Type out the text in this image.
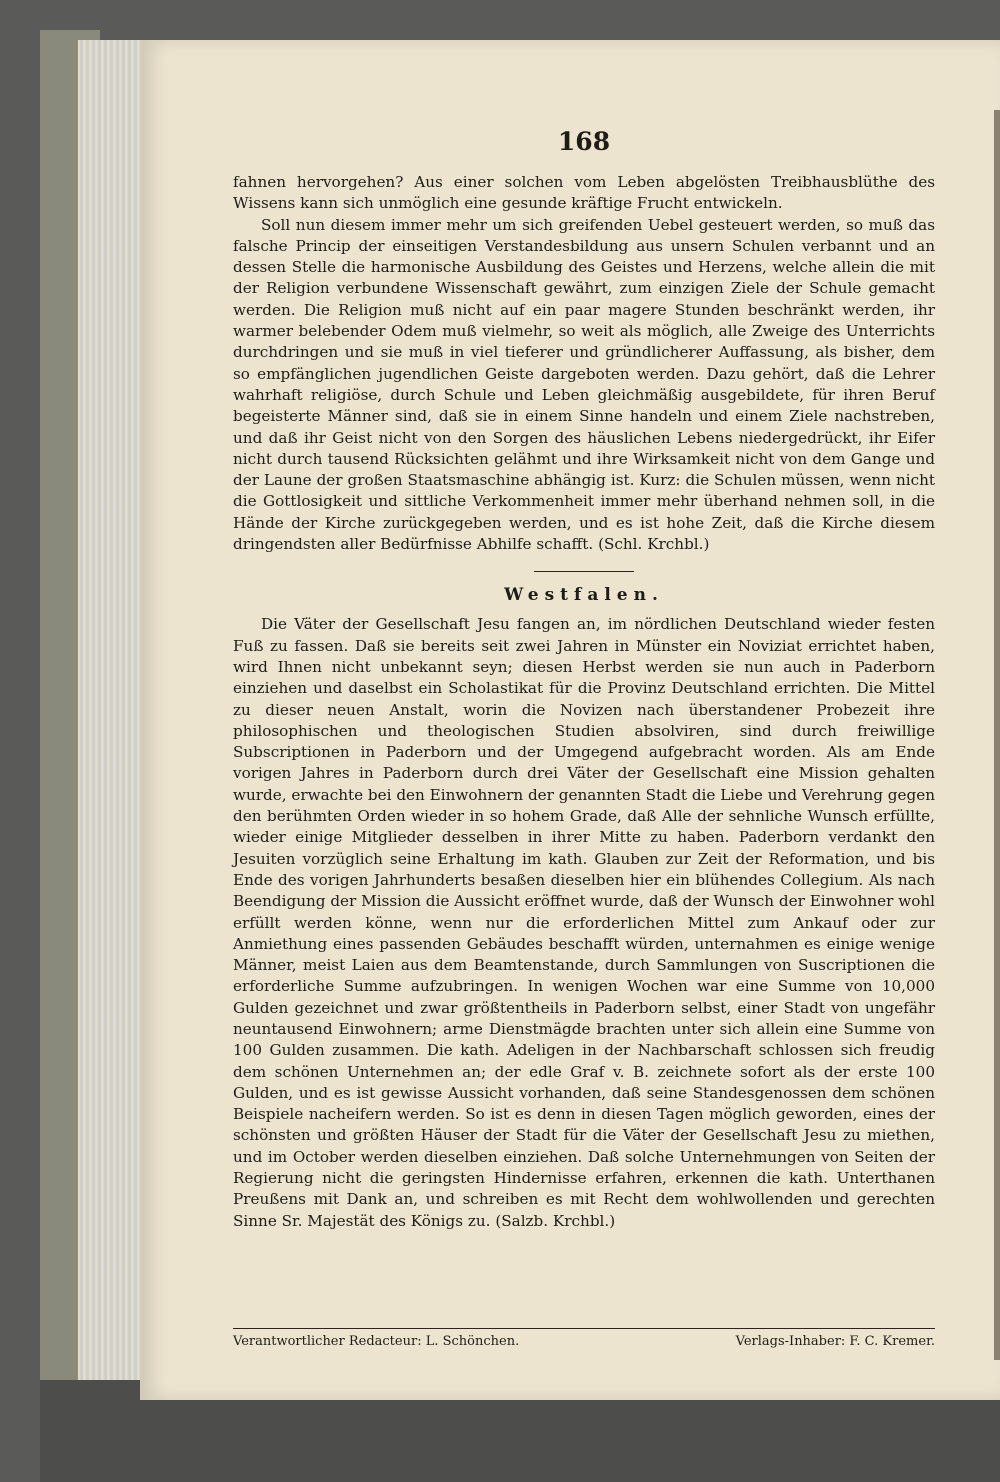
168

fahnen hervorgehen? Aus einer solchen vom Leben abgelösten Treibhausblüthe des Wissens kann sich unmöglich eine gesunde kräftige Frucht entwickeln.

Soll nun diesem immer mehr um sich greifenden Uebel gesteuert werden, so muß das falsche Princip der einseitigen Verstandesbildung aus unsern Schulen verbannt und an dessen Stelle die harmonische Ausbildung des Geistes und Herzens, welche allein die mit der Religion verbundene Wissenschaft gewährt, zum einzigen Ziele der Schule gemacht werden. Die Religion muß nicht auf ein paar magere Stunden beschränkt werden, ihr warmer belebender Odem muß vielmehr, so weit als möglich, alle Zweige des Unterrichts durchdringen und sie muß in viel tieferer und gründlicherer Auffassung, als bisher, dem so empfänglichen jugendlichen Geiste dargeboten werden. Dazu gehört, daß die Lehrer wahrhaft religiöse, durch Schule und Leben gleichmäßig ausgebildete, für ihren Beruf begeisterte Männer sind, daß sie in einem Sinne handeln und einem Ziele nachstreben, und daß ihr Geist nicht von den Sorgen des häuslichen Lebens niedergedrückt, ihr Eifer nicht durch tausend Rücksichten gelähmt und ihre Wirksamkeit nicht von dem Gange und der Laune der großen Staatsmaschine abhängig ist. Kurz: die Schulen müssen, wenn nicht die Gottlosigkeit und sittliche Verkommenheit immer mehr überhand nehmen soll, in die Hände der Kirche zurückgegeben werden, und es ist hohe Zeit, daß die Kirche diesem dringendsten aller Bedürfnisse Abhilfe schafft. (Schl. Krchbl.)

Westfalen.

Die Väter der Gesellschaft Jesu fangen an, im nördlichen Deutschland wieder festen Fuß zu fassen. Daß sie bereits seit zwei Jahren in Münster ein Noviziat errichtet haben, wird Ihnen nicht unbekannt seyn; diesen Herbst werden sie nun auch in Paderborn einziehen und daselbst ein Scholastikat für die Provinz Deutschland errichten. Die Mittel zu dieser neuen Anstalt, worin die Novizen nach überstandener Probezeit ihre philosophischen und theologischen Studien absolviren, sind durch freiwillige Subscriptionen in Paderborn und der Umgegend aufgebracht worden. Als am Ende vorigen Jahres in Paderborn durch drei Väter der Gesellschaft eine Mission gehalten wurde, erwachte bei den Einwohnern der genannten Stadt die Liebe und Verehrung gegen den berühmten Orden wieder in so hohem Grade, daß Alle der sehnliche Wunsch erfüllte, wieder einige Mitglieder desselben in ihrer Mitte zu haben. Paderborn verdankt den Jesuiten vorzüglich seine Erhaltung im kath. Glauben zur Zeit der Reformation, und bis Ende des vorigen Jahrhunderts besaßen dieselben hier ein blühendes Collegium. Als nach Beendigung der Mission die Aussicht eröffnet wurde, daß der Wunsch der Einwohner wohl erfüllt werden könne, wenn nur die erforderlichen Mittel zum Ankauf oder zur Anmiethung eines passenden Gebäudes beschafft würden, unternahmen es einige wenige Männer, meist Laien aus dem Beamtenstande, durch Sammlungen von Suscriptionen die erforderliche Summe aufzubringen. In wenigen Wochen war eine Summe von 10,000 Gulden gezeichnet und zwar größtentheils in Paderborn selbst, einer Stadt von ungefähr neuntausend Einwohnern; arme Dienstmägde brachten unter sich allein eine Summe von 100 Gulden zusammen. Die kath. Adeligen in der Nachbarschaft schlossen sich freudig dem schönen Unternehmen an; der edle Graf v. B. zeichnete sofort als der erste 100 Gulden, und es ist gewisse Aussicht vorhanden, daß seine Standesgenossen dem schönen Beispiele nacheifern werden. So ist es denn in diesen Tagen möglich geworden, eines der schönsten und größten Häuser der Stadt für die Väter der Gesellschaft Jesu zu miethen, und im October werden dieselben einziehen. Daß solche Unternehmungen von Seiten der Regierung nicht die geringsten Hindernisse erfahren, erkennen die kath. Unterthanen Preußens mit Dank an, und schreiben es mit Recht dem wohlwollenden und gerechten Sinne Sr. Majestät des Königs zu. (Salzb. Krchbl.)

Verantwortlicher Redacteur: L. Schönchen.	Verlags-Inhaber: F. C. Kremer.
